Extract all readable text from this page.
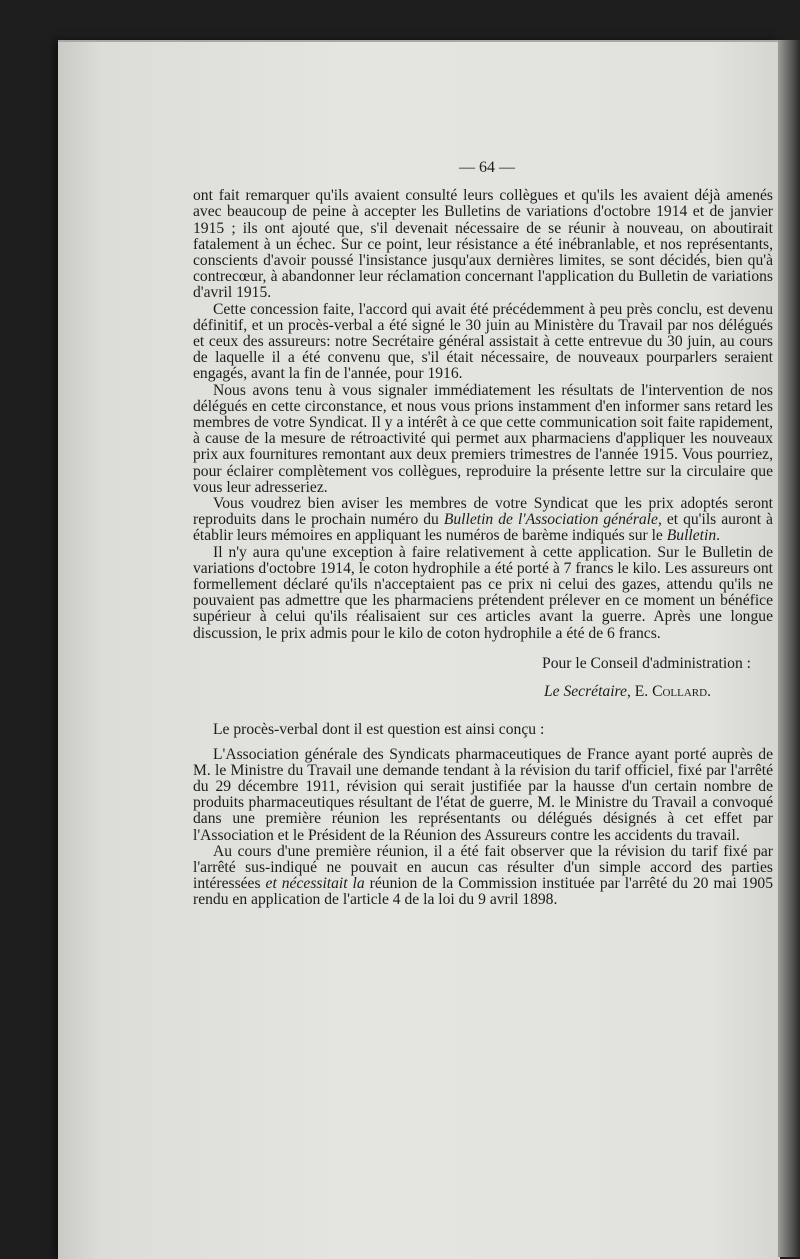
— 64 —

ont fait remarquer qu'ils avaient consulté leurs collègues et qu'ils les avaient déjà amenés avec beaucoup de peine à accepter les Bulletins de variations d'octobre 1914 et de janvier 1915 ; ils ont ajouté que, s'il devenait nécessaire de se réunir à nouveau, on aboutirait fatalement à un échec. Sur ce point, leur résistance a été inébranlable, et nos représentants, conscients d'avoir poussé l'insistance jusqu'aux dernières limites, se sont décidés, bien qu'à contrecœur, à abandonner leur réclamation concernant l'application du Bulletin de variations d'avril 1915.

Cette concession faite, l'accord qui avait été précédemment à peu près conclu, est devenu définitif, et un procès-verbal a été signé le 30 juin au Ministère du Travail par nos délégués et ceux des assureurs: notre Secrétaire général assistait à cette entrevue du 30 juin, au cours de laquelle il a été convenu que, s'il était nécessaire, de nouveaux pourparlers seraient engagés, avant la fin de l'année, pour 1916.

Nous avons tenu à vous signaler immédiatement les résultats de l'intervention de nos délégués en cette circonstance, et nous vous prions instamment d'en informer sans retard les membres de votre Syndicat. Il y a intérêt à ce que cette communication soit faite rapidement, à cause de la mesure de rétroactivité qui permet aux pharmaciens d'appliquer les nouveaux prix aux fournitures remontant aux deux premiers trimestres de l'année 1915. Vous pourriez, pour éclairer complètement vos collègues, reproduire la présente lettre sur la circulaire que vous leur adresseriez.

Vous voudrez bien aviser les membres de votre Syndicat que les prix adoptés seront reproduits dans le prochain numéro du Bulletin de l'Association générale, et qu'ils auront à établir leurs mémoires en appliquant les numéros de barème indiqués sur le Bulletin.

Il n'y aura qu'une exception à faire relativement à cette application. Sur le Bulletin de variations d'octobre 1914, le coton hydrophile a été porté à 7 francs le kilo. Les assureurs ont formellement déclaré qu'ils n'acceptaient pas ce prix ni celui des gazes, attendu qu'ils ne pouvaient pas admettre que les pharmaciens prétendent prélever en ce moment un bénéfice supérieur à celui qu'ils réalisaient sur ces articles avant la guerre. Après une longue discussion, le prix admis pour le kilo de coton hydrophile a été de 6 francs.

Pour le Conseil d'administration :
Le Secrétaire, E. Collard.

Le procès-verbal dont il est question est ainsi conçu :

L'Association générale des Syndicats pharmaceutiques de France ayant porté auprès de M. le Ministre du Travail une demande tendant à la révision du tarif officiel, fixé par l'arrêté du 29 décembre 1911, révision qui serait justifiée par la hausse d'un certain nombre de produits pharmaceutiques résultant de l'état de guerre, M. le Ministre du Travail a convoqué dans une première réunion les représentants ou délégués désignés à cet effet par l'Association et le Président de la Réunion des Assureurs contre les accidents du travail.

Au cours d'une première réunion, il a été fait observer que la révision du tarif fixé par l'arrêté sus-indiqué ne pouvait en aucun cas résulter d'un simple accord des parties intéressées et nécessitait la réunion de la Commission instituée par l'arrêté du 20 mai 1905 rendu en application de l'article 4 de la loi du 9 avril 1898.
